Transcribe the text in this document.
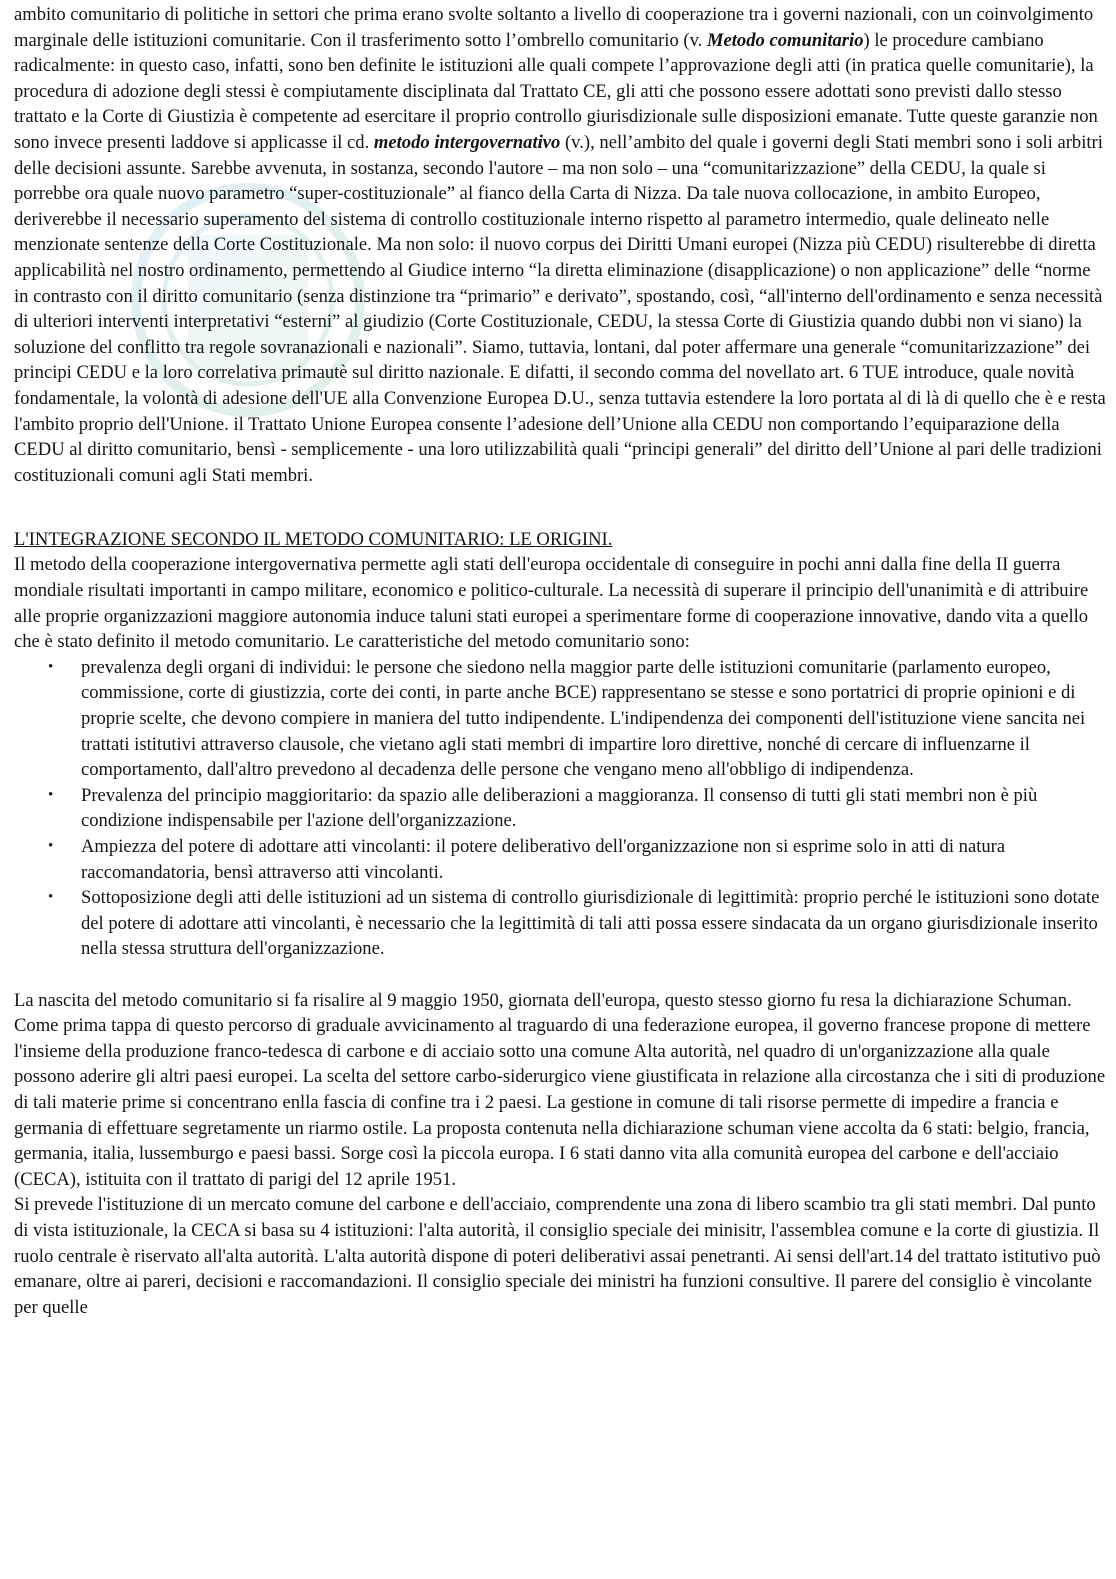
ambito comunitario di politiche in settori che prima erano svolte soltanto a livello di cooperazione tra i governi nazionali, con un coinvolgimento marginale delle istituzioni comunitarie. Con il trasferimento sotto l’ombrello comunitario (v. Metodo comunitario) le procedure cambiano radicalmente: in questo caso, infatti, sono ben definite le istituzioni alle quali compete l’approvazione degli atti (in pratica quelle comunitarie), la procedura di adozione degli stessi è compiutamente disciplinata dal Trattato CE, gli atti che possono essere adottati sono previsti dallo stesso trattato e la Corte di Giustizia è competente ad esercitare il proprio controllo giurisdizionale sulle disposizioni emanate. Tutte queste garanzie non sono invece presenti laddove si applicasse il cd. metodo intergovernativo (v.), nell’ambito del quale i governi degli Stati membri sono i soli arbitri delle decisioni assunte. Sarebbe avvenuta, in sostanza, secondo l'autore – ma non solo – una “comunitarizzazione” della CEDU, la quale si porrebbe ora quale nuovo parametro “super-costituzionale” al fianco della Carta di Nizza. Da tale nuova collocazione, in ambito Europeo, deriverebbe il necessario superamento del sistema di controllo costituzionale interno rispetto al parametro intermedio, quale delineato nelle menzionate sentenze della Corte Costituzionale. Ma non solo: il nuovo corpus dei Diritti Umani europei (Nizza più CEDU) risulterebbe di diretta applicabilità nel nostro ordinamento, permettendo al Giudice interno “la diretta eliminazione (disapplicazione) o non applicazione” delle “norme in contrasto con il diritto comunitario (senza distinzione tra “primario” e derivato”, spostando, così, “all'interno dell'ordinamento e senza necessità di ulteriori interventi interpretativi “esterni” al giudizio (Corte Costituzionale, CEDU, la stessa Corte di Giustizia quando dubbi non vi siano) la soluzione del conflitto tra regole sovranazionali e nazionali”. Siamo, tuttavia, lontani, dal poter affermare una generale “comunitarizzazione” dei principi CEDU e la loro correlativa primautè sul diritto nazionale. E difatti, il secondo comma del novellato art. 6 TUE introduce, quale novità fondamentale, la volontà di adesione dell'UE alla Convenzione Europea D.U., senza tuttavia estendere la loro portata al di là di quello che è e resta l'ambito proprio dell'Unione. il Trattato Unione Europea consente l’adesione dell’Unione alla CEDU non comportando l’equiparazione della CEDU al diritto comunitario, bensì - semplicemente - una loro utilizzabilità quali “principi generali” del diritto dell’Unione al pari delle tradizioni costituzionali comuni agli Stati membri.

L'INTEGRAZIONE SECONDO IL METODO COMUNITARIO: LE ORIGINI.

Il metodo della cooperazione intergovernativa permette agli stati dell'europa occidentale di conseguire in pochi anni dalla fine della II guerra mondiale risultati importanti in campo militare, economico e politico-culturale. La necessità di superare il principio dell'unanimità e di attribuire alle proprie organizzazioni maggiore autonomia induce taluni stati europei a sperimentare forme di cooperazione innovative, dando vita a quello che è stato definito il metodo comunitario. Le caratteristiche del metodo comunitario sono:

• prevalenza degli organi di individui: le persone che siedono nella maggior parte delle istituzioni comunitarie (parlamento europeo, commissione, corte di giustizzia, corte dei conti, in parte anche BCE) rappresentano se stesse e sono portatrici di proprie opinioni e di proprie scelte, che devono compiere in maniera del tutto indipendente. L'indipendenza dei componenti dell'istituzione viene sancita nei trattati istitutivi attraverso clausole, che vietano agli stati membri di impartire loro direttive, nonché di cercare di influenzarne il comportamento, dall'altro prevedono al decadenza delle persone che vengano meno all'obbligo di indipendenza.
• Prevalenza del principio maggioritario: da spazio alle deliberazioni a maggioranza. Il consenso di tutti gli stati membri non è più condizione indispensabile per l'azione dell'organizzazione.
• Ampiezza del potere di adottare atti vincolanti: il potere deliberativo dell'organizzazione non si esprime solo in atti di natura raccomandatoria, bensì attraverso atti vincolanti.
• Sottoposizione degli atti delle istituzioni ad un sistema di controllo giurisdizionale di legittimità: proprio perché le istituzioni sono dotate del potere di adottare atti vincolanti, è necessario che la legittimità di tali atti possa essere sindacata da un organo giurisdizionale inserito nella stessa struttura dell'organizzazione.

La nascita del metodo comunitario si fa risalire al 9 maggio 1950, giornata dell'europa, questo stesso giorno fu resa la dichiarazione Schuman. Come prima tappa di questo percorso di graduale avvicinamento al traguardo di una federazione europea, il governo francese propone di mettere l'insieme della produzione franco-tedesca di carbone e di acciaio sotto una comune Alta autorità, nel quadro di un'organizzazione alla quale possono aderire gli altri paesi europei. La scelta del settore carbo-siderurgico viene giustificata in relazione alla circostanza che i siti di produzione di tali materie prime si concentrano enlla fascia di confine tra i 2 paesi. La gestione in comune di tali risorse permette di impedire a francia e germania di effettuare segretamente un riarmo ostile. La proposta contenuta nella dichiarazione schuman viene accolta da 6 stati: belgio, francia, germania, italia, lussemburgo e paesi bassi. Sorge così la piccola europa. I 6 stati danno vita alla comunità europea del carbone e dell'acciaio (CECA), istituita con il trattato di parigi del 12 aprile 1951.

Si prevede l'istituzione di un mercato comune del carbone e dell'acciaio, comprendente una zona di libero scambio tra gli stati membri. Dal punto di vista istituzionale, la CECA si basa su 4 istituzioni: l'alta autorità, il consiglio speciale dei minisitr, l'assemblea comune e la corte di giustizia. Il ruolo centrale è riservato all'alta autorità. L'alta autorità dispone di poteri deliberativi assai penetranti. Ai sensi dell'art.14 del trattato istitutivo può emanare, oltre ai pareri, decisioni e raccomandazioni. Il consiglio speciale dei ministri ha funzioni consultive. Il parere del consiglio è vincolante per quelle
